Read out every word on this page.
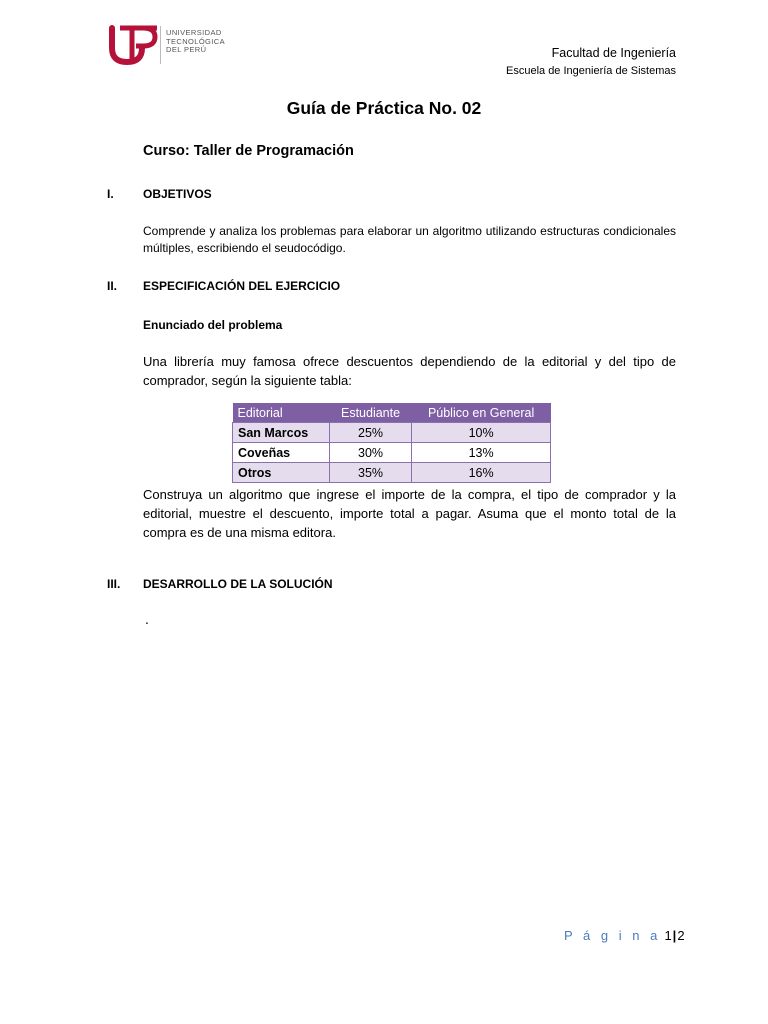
UNIVERSIDAD
TECNOLÓGICA
DEL PERÚ	Facultad de Ingeniería
Escuela de Ingeniería de Sistemas
Guía de Práctica No. 02
Curso: Taller de Programación
I. OBJETIVOS
Comprende y analiza los problemas para elaborar un algoritmo utilizando estructuras condicionales múltiples, escribiendo el seudocódigo.
II. ESPECIFICACIÓN DEL EJERCICIO
Enunciado del problema
Una librería muy famosa ofrece descuentos dependiendo de la editorial y del tipo de comprador, según la siguiente tabla:
Editorial	Estudiante	Público en General
San Marcos	25%	10%
Coveñas	30%	13%
Otros	35%	16%
Construya un algoritmo que ingrese el importe de la compra, el tipo de comprador y la editorial, muestre el descuento, importe total a pagar. Asuma que el monto total de la compra es de una misma editora.
III. DESARROLLO DE LA SOLUCIÓN
.
P á g i n a 1|2
